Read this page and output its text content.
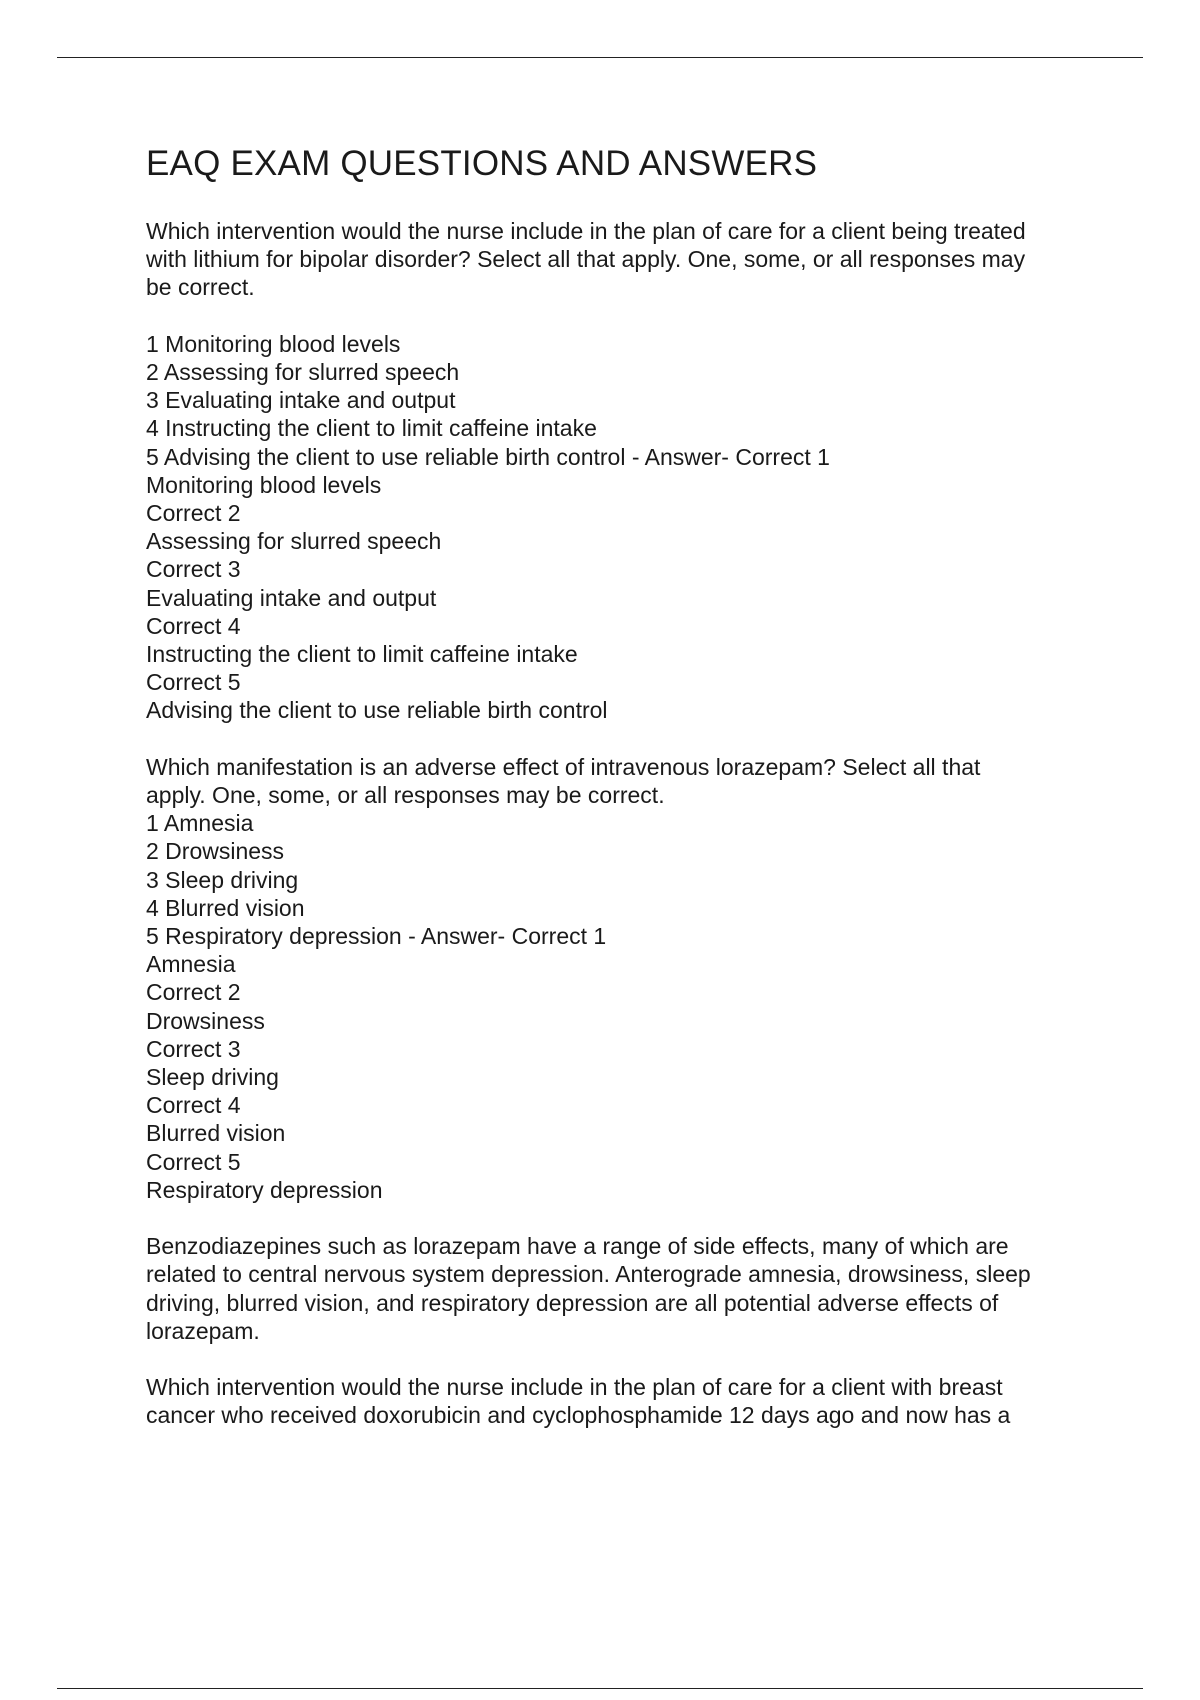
EAQ EXAM QUESTIONS AND ANSWERS
Which intervention would the nurse include in the plan of care for a client being treated
with lithium for bipolar disorder? Select all that apply. One, some, or all responses may
be correct.
1 Monitoring blood levels
2 Assessing for slurred speech
3 Evaluating intake and output
4 Instructing the client to limit caffeine intake
5 Advising the client to use reliable birth control - Answer- Correct 1
Monitoring blood levels
Correct 2
Assessing for slurred speech
Correct 3
Evaluating intake and output
Correct 4
Instructing the client to limit caffeine intake
Correct 5
Advising the client to use reliable birth control
Which manifestation is an adverse effect of intravenous lorazepam? Select all that
apply. One, some, or all responses may be correct.
1 Amnesia
2 Drowsiness
3 Sleep driving
4 Blurred vision
5 Respiratory depression - Answer- Correct 1
Amnesia
Correct 2
Drowsiness
Correct 3
Sleep driving
Correct 4
Blurred vision
Correct 5
Respiratory depression
Benzodiazepines such as lorazepam have a range of side effects, many of which are
related to central nervous system depression. Anterograde amnesia, drowsiness, sleep
driving, blurred vision, and respiratory depression are all potential adverse effects of
lorazepam.
Which intervention would the nurse include in the plan of care for a client with breast
cancer who received doxorubicin and cyclophosphamide 12 days ago and now has a
